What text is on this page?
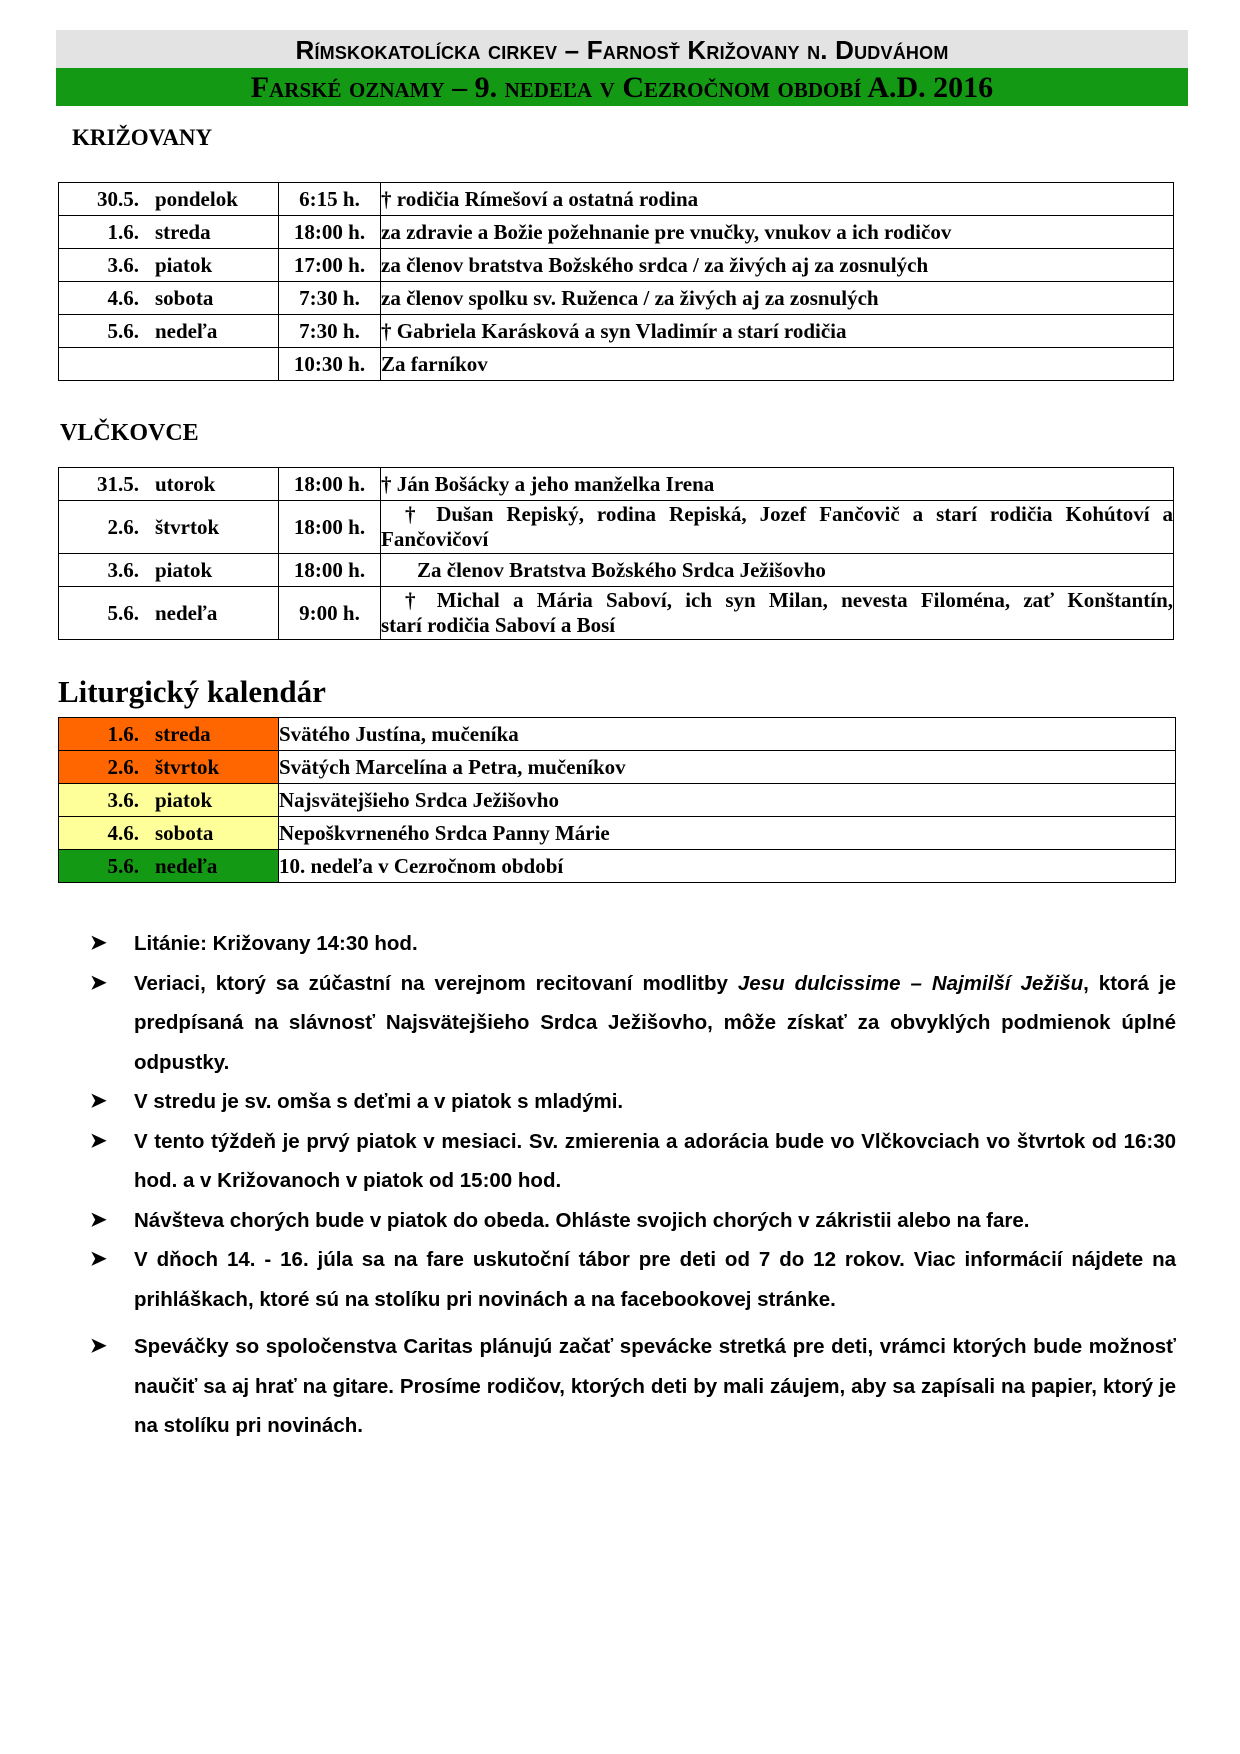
Rímskokatolícka cirkev – Farnosť Križovany n. Dudváhom
Farské oznamy – 9. nedeľa v Cezročnom období A.D. 2016
KRIŽOVANY
30.5. pondelok	6:15 h.	† rodičia Rímešoví a ostatná rodina
1.6. streda	18:00 h.	za zdravie a Božie požehnanie pre vnučky, vnukov a ich rodičov
3.6. piatok	17:00 h.	za členov bratstva Božského srdca / za živých aj za zosnulých
4.6. sobota	7:30 h.	za členov spolku sv. Ruženca / za živých aj za zosnulých
5.6. nedeľa	7:30 h.	† Gabriela Karásková a syn Vladimír a starí rodičia
	10:30 h.	Za farníkov
VLČKOVCE
31.5. utorok	18:00 h.	† Ján Bošácky a jeho manželka Irena
2.6. štvrtok	18:00 h.	† Dušan Repiský, rodina Repiská, Jozef Fančovič a starí rodičia Kohútoví a
Fančovičoví

3.6. piatok	18:00 h.	Za členov Bratstva Božského Srdca Ježišovho
5.6. nedeľa	9:00 h.	† Michal a Mária Saboví, ich syn Milan, nevesta Filoména, zať Konštantín,
starí rodičia Saboví a Bosí
Liturgický kalendár
1.6. streda	Svätého Justína, mučeníka
2.6. štvrtok	Svätých Marcelína a Petra, mučeníkov
3.6. piatok	Najsvätejšieho Srdca Ježišovho
4.6. sobota	Nepoškvrneného Srdca Panny Márie
5.6. nedeľa	10. nedeľa v Cezročnom období
➤	Litánie: Križovany 14:30 hod.
➤	Veriaci, ktorý sa zúčastní na verejnom recitovaní modlitby Jesu dulcissime – Najmilší Ježišu, ktorá je predpísaná na slávnosť Najsvätejšieho Srdca Ježišovho, môže získať za obvyklých podmienok úplné odpustky.
➤	V stredu je sv. omša s deťmi a v piatok s mladými.
➤	V tento týždeň je prvý piatok v mesiaci. Sv. zmierenia a adorácia bude vo Vlčkovciach vo štvrtok od 16:30 hod. a v Križovanoch v piatok od 15:00 hod.
➤	Návšteva chorých bude v piatok do obeda. Ohláste svojich chorých v zákristii alebo na fare.
➤	V dňoch 14. - 16. júla sa na fare uskutoční tábor pre deti od 7 do 12 rokov. Viac informácií nájdete na prihláškach, ktoré sú na stolíku pri novinách a na facebookovej stránke.
➤	Speváčky so spoločenstva Caritas plánujú začať spevácke stretká pre deti, vrámci ktorých bude možnosť naučiť sa aj hrať na gitare. Prosíme rodičov, ktorých deti by mali záujem, aby sa zapísali na papier, ktorý je na stolíku pri novinách.
